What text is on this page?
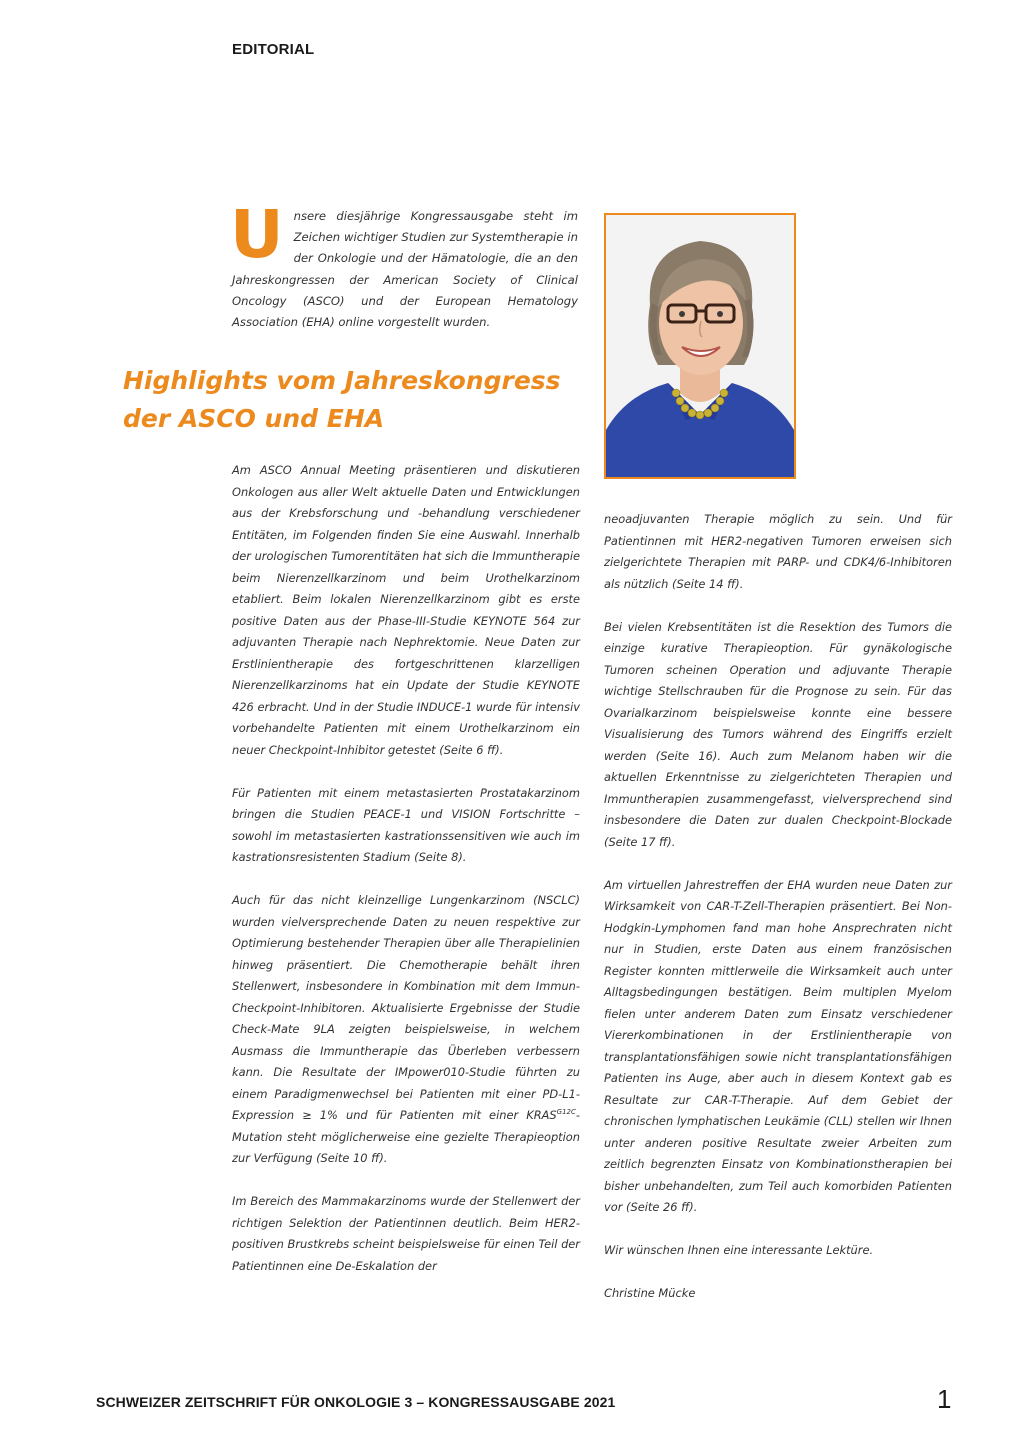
EDITORIAL
Unsere diesjährige Kongressausgabe steht im Zeichen wichtiger Studien zur Systemtherapie in der Onkologie und der Hämatologie, die an den Jahreskongressen der American Society of Clinical Oncology (ASCO) und der European Hematology Association (EHA) online vorgestellt wurden.
Highlights vom Jahreskongress
der ASCO und EHA

Am ASCO Annual Meeting präsentieren und diskutieren Onkologen aus aller Welt aktuelle Daten und Entwicklungen aus der Krebsforschung und -behandlung verschiedener Entitäten, im Folgenden finden Sie eine Auswahl. Innerhalb der urologischen Tumorentitäten hat sich die Immuntherapie beim Nierenzellkarzinom und beim Urothelkarzinom etabliert. Beim lokalen Nierenzellkarzinom gibt es erste positive Daten aus der Phase-III-Studie KEYNOTE 564 zur adjuvanten Therapie nach Nephrektomie. Neue Daten zur Erstlinientherapie des fortgeschrittenen klarzelligen Nierenzellkarzinoms hat ein Update der Studie KEYNOTE 426 erbracht. Und in der Studie INDUCE-1 wurde für intensiv vorbehandelte Patienten mit einem Urothelkarzinom ein neuer Checkpoint-Inhibitor getestet (Seite 6 ff).

Für Patienten mit einem metastasierten Prostatakarzinom bringen die Studien PEACE-1 und VISION Fortschritte – sowohl im metastasierten kastrationssensitiven wie auch im kastrationsresistenten Stadium (Seite 8).

Auch für das nicht kleinzellige Lungenkarzinom (NSCLC) wurden vielversprechende Daten zu neuen respektive zur Optimierung bestehender Therapien über alle Therapielinien hinweg präsentiert. Die Chemotherapie behält ihren Stellenwert, insbesondere in Kombination mit dem Immun-Checkpoint-Inhibitoren. Aktualisierte Ergebnisse der Studie Check-Mate 9LA zeigten beispielsweise, in welchem Ausmass die Immuntherapie das Überleben verbessern kann. Die Resultate der IMpower010-Studie führten zu einem Paradigmenwechsel bei Patienten mit einer PD-L1-Expression ≥ 1% und für Patienten mit einer $KRAS^{G12C}$-Mutation steht möglicherweise eine gezielte Therapieoption zur Verfügung (Seite 10 ff).

Im Bereich des Mammakarzinoms wurde der Stellenwert der richtigen Selektion der Patientinnen deutlich. Beim HER2-positiven Brustkrebs scheint beispielsweise für einen Teil der Patientinnen eine De-Eskalation der

neoadjuvanten Therapie möglich zu sein. Und für Patientinnen mit HER2-negativen Tumoren erweisen sich zielgerichtete Therapien mit PARP- und CDK4/6-Inhibitoren als nützlich (Seite 14 ff).

Bei vielen Krebsentitäten ist die Resektion des Tumors die einzige kurative Therapieoption. Für gynäkologische Tumoren scheinen Operation und adjuvante Therapie wichtige Stellschrauben für die Prognose zu sein. Für das Ovarialkarzinom beispielsweise konnte eine bessere Visualisierung des Tumors während des Eingriffs erzielt werden (Seite 16). Auch zum Melanom haben wir die aktuellen Erkenntnisse zu zielgerichteten Therapien und Immuntherapien zusammengefasst, vielversprechend sind insbesondere die Daten zur dualen Checkpoint-Blockade (Seite 17 ff).

Am virtuellen Jahrestreffen der EHA wurden neue Daten zur Wirksamkeit von CAR-T-Zell-Therapien präsentiert. Bei Non-Hodgkin-Lymphomen fand man hohe Ansprechraten nicht nur in Studien, erste Daten aus einem französischen Register konnten mittlerweile die Wirksamkeit auch unter Alltagsbedingungen bestätigen. Beim multiplen Myelom fielen unter anderem Daten zum Einsatz verschiedener Viererkombinationen in der Erstlinientherapie von transplantationsfähigen sowie nicht transplantationsfähigen Patienten ins Auge, aber auch in diesem Kontext gab es Resultate zur CAR-T-Therapie. Auf dem Gebiet der chronischen lymphatischen Leukämie (CLL) stellen wir Ihnen unter anderen positive Resultate zweier Arbeiten zum zeitlich begrenzten Einsatz von Kombinationstherapien bei bisher unbehandelten, zum Teil auch komorbiden Patienten vor (Seite 26 ff).

Wir wünschen Ihnen eine interessante Lektüre.

Christine Mücke

SCHWEIZER ZEITSCHRIFT FÜR ONKOLOGIE 3 – KONGRESSAUSGABE 2021	1
